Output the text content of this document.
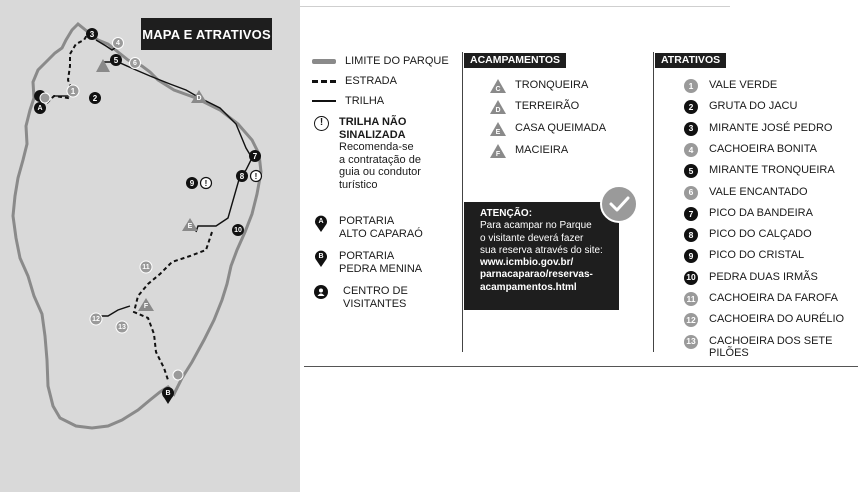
1
2
3
4
5	6
7
8	!
9	!
10
11
12
13
D
E
F
A
B
MAPA E ATRATIVOS
LIMITE DO PARQUE
ESTRADA
TRILHA
!	TRILHA NÃO
SINALIZADA
Recomenda-se
a contratação de
guia ou condutor
turístico
A	PORTARIA
ALTO CAPARAÓ
B	PORTARIA
PEDRA MENINA
CENTRO DE
VISITANTES
ACAMPAMENTOS
C TRONQUEIRA
D TERREIRÃO
E CASA QUEIMADA
F MACIEIRA
ATENÇÃO:
Para acampar no Parque
o visitante deverá fazer
sua reserva através do site:
www.icmbio.gov.br/
parnacaparao/reservas-
acampamentos.html
ATRATIVOS
1	VALE VERDE
2	GRUTA DO JACU
3	MIRANTE JOSÉ PEDRO
4	CACHOEIRA BONITA
5	MIRANTE TRONQUEIRA
6	VALE ENCANTADO
7	PICO DA BANDEIRA
8	PICO DO CALÇADO
9	PICO DO CRISTAL
10 PEDRA DUAS IRMÃS
11 CACHOEIRA DA FAROFA
12 CACHOEIRA DO AURÉLIO
13 CACHOEIRA DOS SETE PILÕES
